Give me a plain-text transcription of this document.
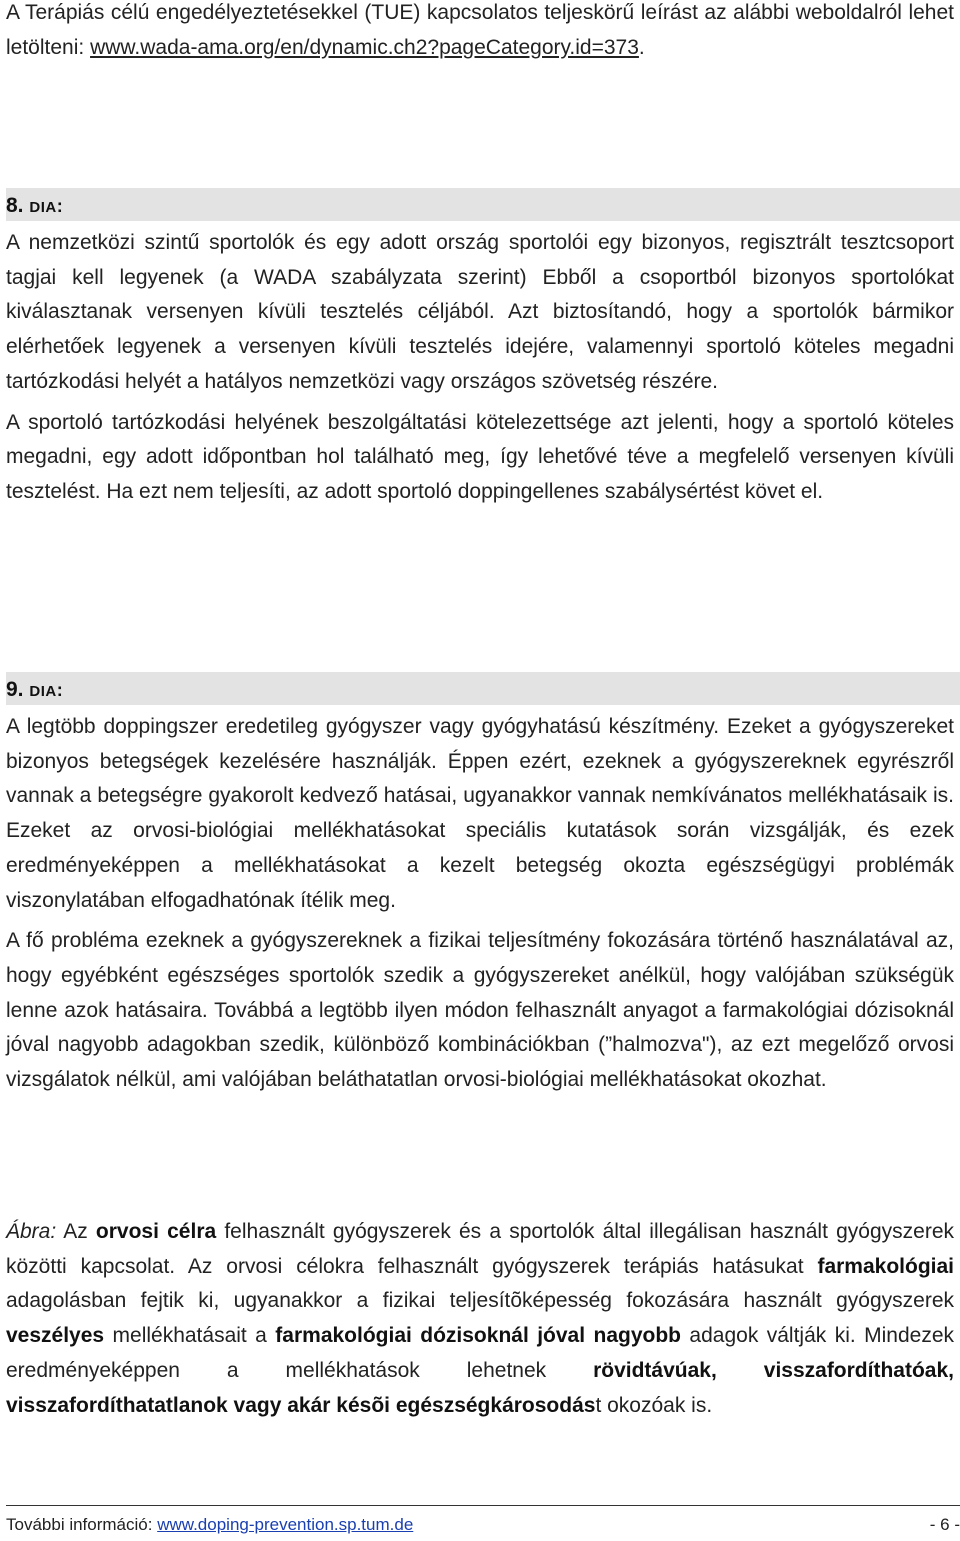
A Terápiás célú engedélyeztetésekkel (TUE) kapcsolatos teljeskörű leírást az alábbi weboldalról lehet letölteni: www.wada-ama.org/en/dynamic.ch2?pageCategory.id=373.

8. DIA:

A nemzetközi szintű sportolók és egy adott ország sportolói egy bizonyos, regisztrált tesztcsoport tagjai kell legyenek (a WADA szabályzata szerint) Ebből a csoportból bizonyos sportolókat kiválasztanak versenyen kívüli tesztelés céljából. Azt biztosítandó, hogy a sportolók bármikor elérhetőek legyenek a versenyen kívüli tesztelés idejére, valamennyi sportoló köteles megadni tartózkodási helyét a hatályos nemzetközi vagy országos szövetség részére.

A sportoló tartózkodási helyének beszolgáltatási kötelezettsége azt jelenti, hogy a sportoló köteles megadni, egy adott időpontban hol található meg, így lehetővé téve a megfelelő versenyen kívüli tesztelést. Ha ezt nem teljesíti, az adott sportoló doppingellenes szabálysértést követ el.

9. DIA:

A legtöbb doppingszer eredetileg gyógyszer vagy gyógyhatású készítmény. Ezeket a gyógyszereket bizonyos betegségek kezelésére használják. Éppen ezért, ezeknek a gyógyszereknek egyrészről vannak a betegségre gyakorolt kedvező hatásai, ugyanakkor vannak nemkívánatos mellékhatásaik is. Ezeket az orvosi-biológiai mellékhatásokat speciális kutatások során vizsgálják, és ezek eredményeképpen a mellékhatásokat a kezelt betegség okozta egészségügyi problémák viszonylatában elfogadhatónak ítélik meg.

A fő probléma ezeknek a gyógyszereknek a fizikai teljesítmény fokozására történő használatával az, hogy egyébként egészséges sportolók szedik a gyógyszereket anélkül, hogy valójában szükségük lenne azok hatásaira. Továbbá a legtöbb ilyen módon felhasznált anyagot a farmakológiai dózisoknál jóval nagyobb adagokban szedik, különböző kombinációkban (”halmozva"), az ezt megelőző orvosi vizsgálatok nélkül, ami valójában beláthatatlan orvosi-biológiai mellékhatásokat okozhat.

Ábra: Az orvosi célra felhasznált gyógyszerek és a sportolók által illegálisan használt gyógyszerek közötti kapcsolat. Az orvosi célokra felhasznált gyógyszerek terápiás hatásukat farmakológiai adagolásban fejtik ki, ugyanakkor a fizikai teljesítõképesség fokozására használt gyógyszerek veszélyes mellékhatásait a farmakológiai dózisoknál jóval nagyobb adagok váltják ki. Mindezek eredményeképpen a mellékhatások lehetnek rövidtávúak, visszafordíthatóak, visszafordíthatatlanok vagy akár késõi egészségkárosodást okozóak is.

További információ: www.doping-prevention.sp.tum.de	- 6 -
